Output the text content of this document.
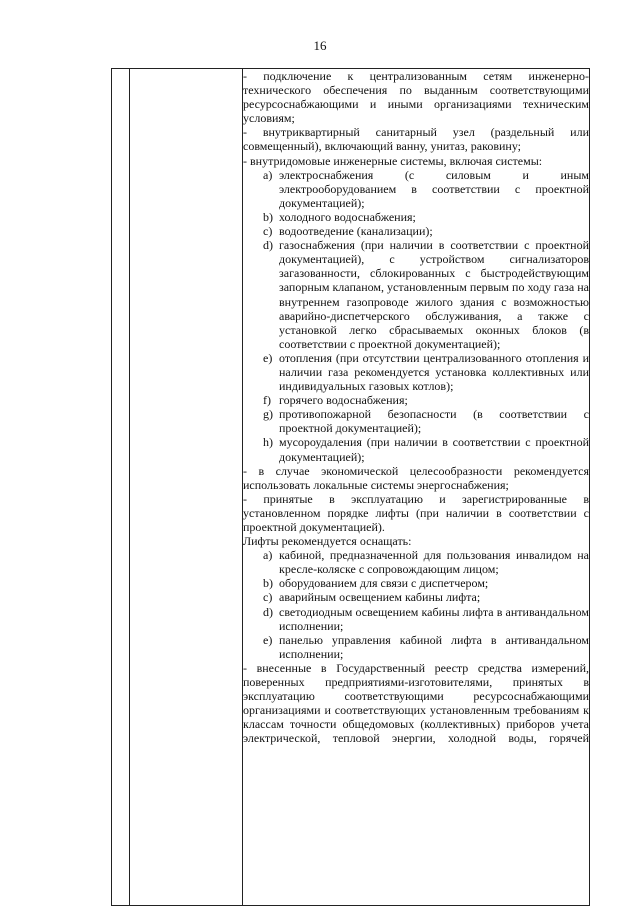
16

- подключение к централизованным сетям инженерно-технического обеспечения по выданным соответствующими ресурсоснабжающими и иными организациями техническим условиям;

- внутриквартирный санитарный узел (раздельный или совмещенный), включающий ванну, унитаз, раковину;

- внутридомовые инженерные системы, включая системы:

a) электроснабжения (с силовым и иным электрооборудованием в соответствии с проектной документацией);
b) холодного водоснабжения;
c) водоотведение (канализации);
d) газоснабжения (при наличии в соответствии с проектной документацией), с устройством сигнализаторов загазованности, сблокированных с быстродействующим запорным клапаном, установленным первым по ходу газа на внутреннем газопроводе жилого здания с возможностью аварийно-диспетчерского обслуживания, а также с установкой легко сбрасываемых оконных блоков (в соответствии с проектной документацией);
e) отопления (при отсутствии централизованного отопления и наличии газа рекомендуется установка коллективных или индивидуальных газовых котлов);
f) горячего водоснабжения;
g) противопожарной безопасности (в соответствии с проектной документацией);
h) мусороудаления (при наличии в соответствии с проектной документацией);

- в случае экономической целесообразности рекомендуется использовать локальные системы энергоснабжения;

- принятые в эксплуатацию и зарегистрированные в установленном порядке лифты (при наличии в соответствии с проектной документацией).

Лифты рекомендуется оснащать:

a) кабиной, предназначенной для пользования инвалидом на кресле-коляске с сопровождающим лицом;
b) оборудованием для связи с диспетчером;
c) аварийным освещением кабины лифта;
d) светодиодным освещением кабины лифта в антивандальном исполнении;
e) панелью управления кабиной лифта в антивандальном исполнении;

- внесенные в Государственный реестр средства измерений, поверенных предприятиями-изготовителями, принятых в эксплуатацию соответствующими ресурсоснабжающими организациями и соответствующих установленным требованиям к классам точности общедомовых (коллективных) приборов учета электрической, тепловой энергии, холодной воды, горячей
